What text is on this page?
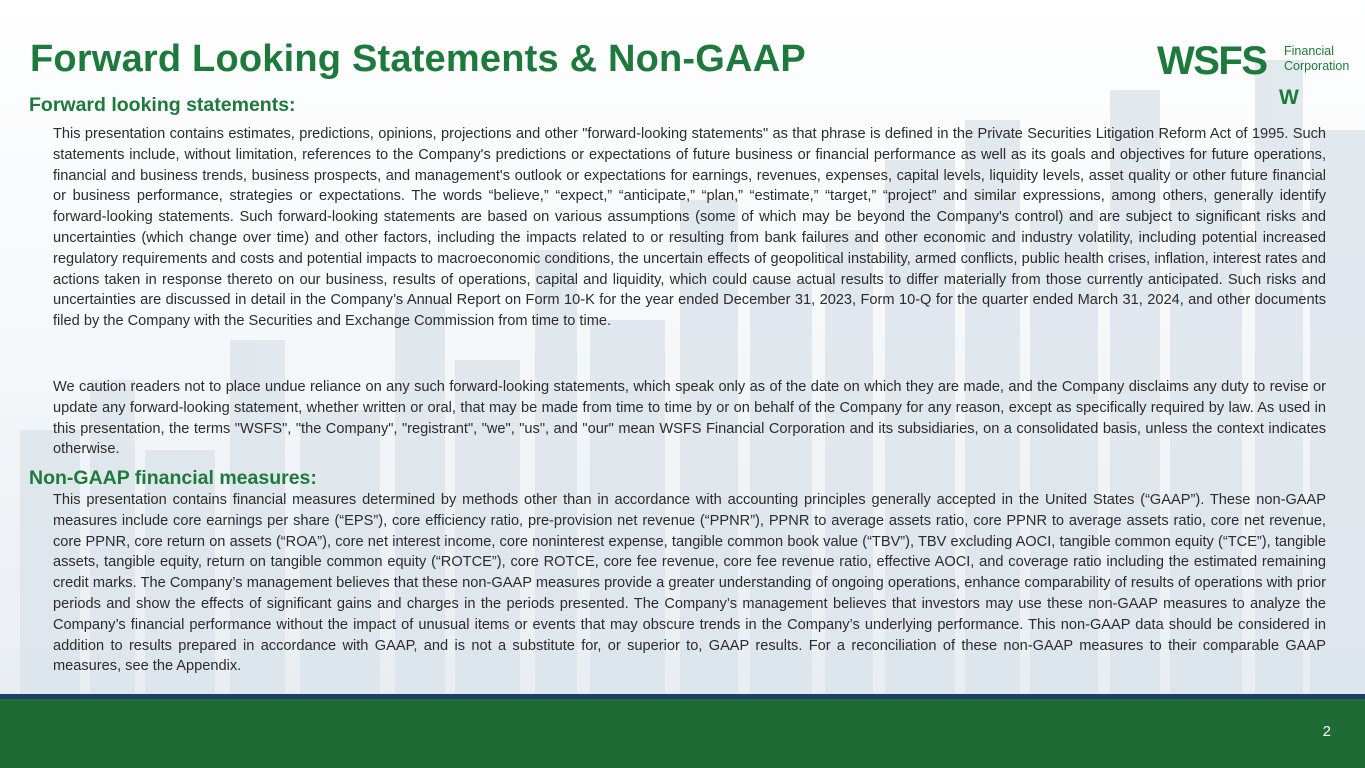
Forward Looking Statements & Non-GAAP	WSFS Financial
Corporation
W
Forward looking statements:

This presentation contains estimates, predictions, opinions, projections and other "forward-looking statements" as that phrase is defined in the Private Securities Litigation Reform Act of 1995. Such statements include, without limitation, references to the Company's predictions or expectations of future business or financial performance as well as its goals and objectives for future operations, financial and business trends, business prospects, and management's outlook or expectations for earnings, revenues, expenses, capital levels, liquidity levels, asset quality or other future financial or business performance, strategies or expectations. The words “believe,” “expect,” “anticipate,” “plan,” “estimate,” “target,” “project” and similar expressions, among others, generally identify forward-looking statements. Such forward-looking statements are based on various assumptions (some of which may be beyond the Company's control) and are subject to significant risks and uncertainties (which change over time) and other factors, including the impacts related to or resulting from bank failures and other economic and industry volatility, including potential increased regulatory requirements and costs and potential impacts to macroeconomic conditions, the uncertain effects of geopolitical instability, armed conflicts, public health crises, inflation, interest rates and actions taken in response thereto on our business, results of operations, capital and liquidity, which could cause actual results to differ materially from those currently anticipated. Such risks and uncertainties are discussed in detail in the Company’s Annual Report on Form 10-K for the year ended December 31, 2023, Form 10-Q for the quarter ended March 31, 2024, and other documents filed by the Company with the Securities and Exchange Commission from time to time.

We caution readers not to place undue reliance on any such forward-looking statements, which speak only as of the date on which they are made, and the Company disclaims any duty to revise or update any forward-looking statement, whether written or oral, that may be made from time to time by or on behalf of the Company for any reason, except as specifically required by law. As used in this presentation, the terms "WSFS", "the Company", "registrant", "we", "us", and "our" mean WSFS Financial Corporation and its subsidiaries, on a consolidated basis, unless the context indicates otherwise.

Non-GAAP financial measures:

This presentation contains financial measures determined by methods other than in accordance with accounting principles generally accepted in the United States (“GAAP”). These non-GAAP measures include core earnings per share (“EPS”), core efficiency ratio, pre-provision net revenue (“PPNR”), PPNR to average assets ratio, core PPNR to average assets ratio, core net revenue, core PPNR, core return on assets (“ROA”), core net interest income, core noninterest expense, tangible common book value (“TBV”), TBV excluding AOCI, tangible common equity (“TCE”), tangible assets, tangible equity, return on tangible common equity (“ROTCE”), core ROTCE, core fee revenue, core fee revenue ratio, effective AOCI, and coverage ratio including the estimated remaining credit marks. The Company’s management believes that these non-GAAP measures provide a greater understanding of ongoing operations, enhance comparability of results of operations with prior periods and show the effects of significant gains and charges in the periods presented. The Company’s management believes that investors may use these non-GAAP measures to analyze the Company’s financial performance without the impact of unusual items or events that may obscure trends in the Company’s underlying performance. This non-GAAP data should be considered in addition to results prepared in accordance with GAAP, and is not a substitute for, or superior to, GAAP results. For a reconciliation of these non-GAAP measures to their comparable GAAP measures, see the Appendix.

2
